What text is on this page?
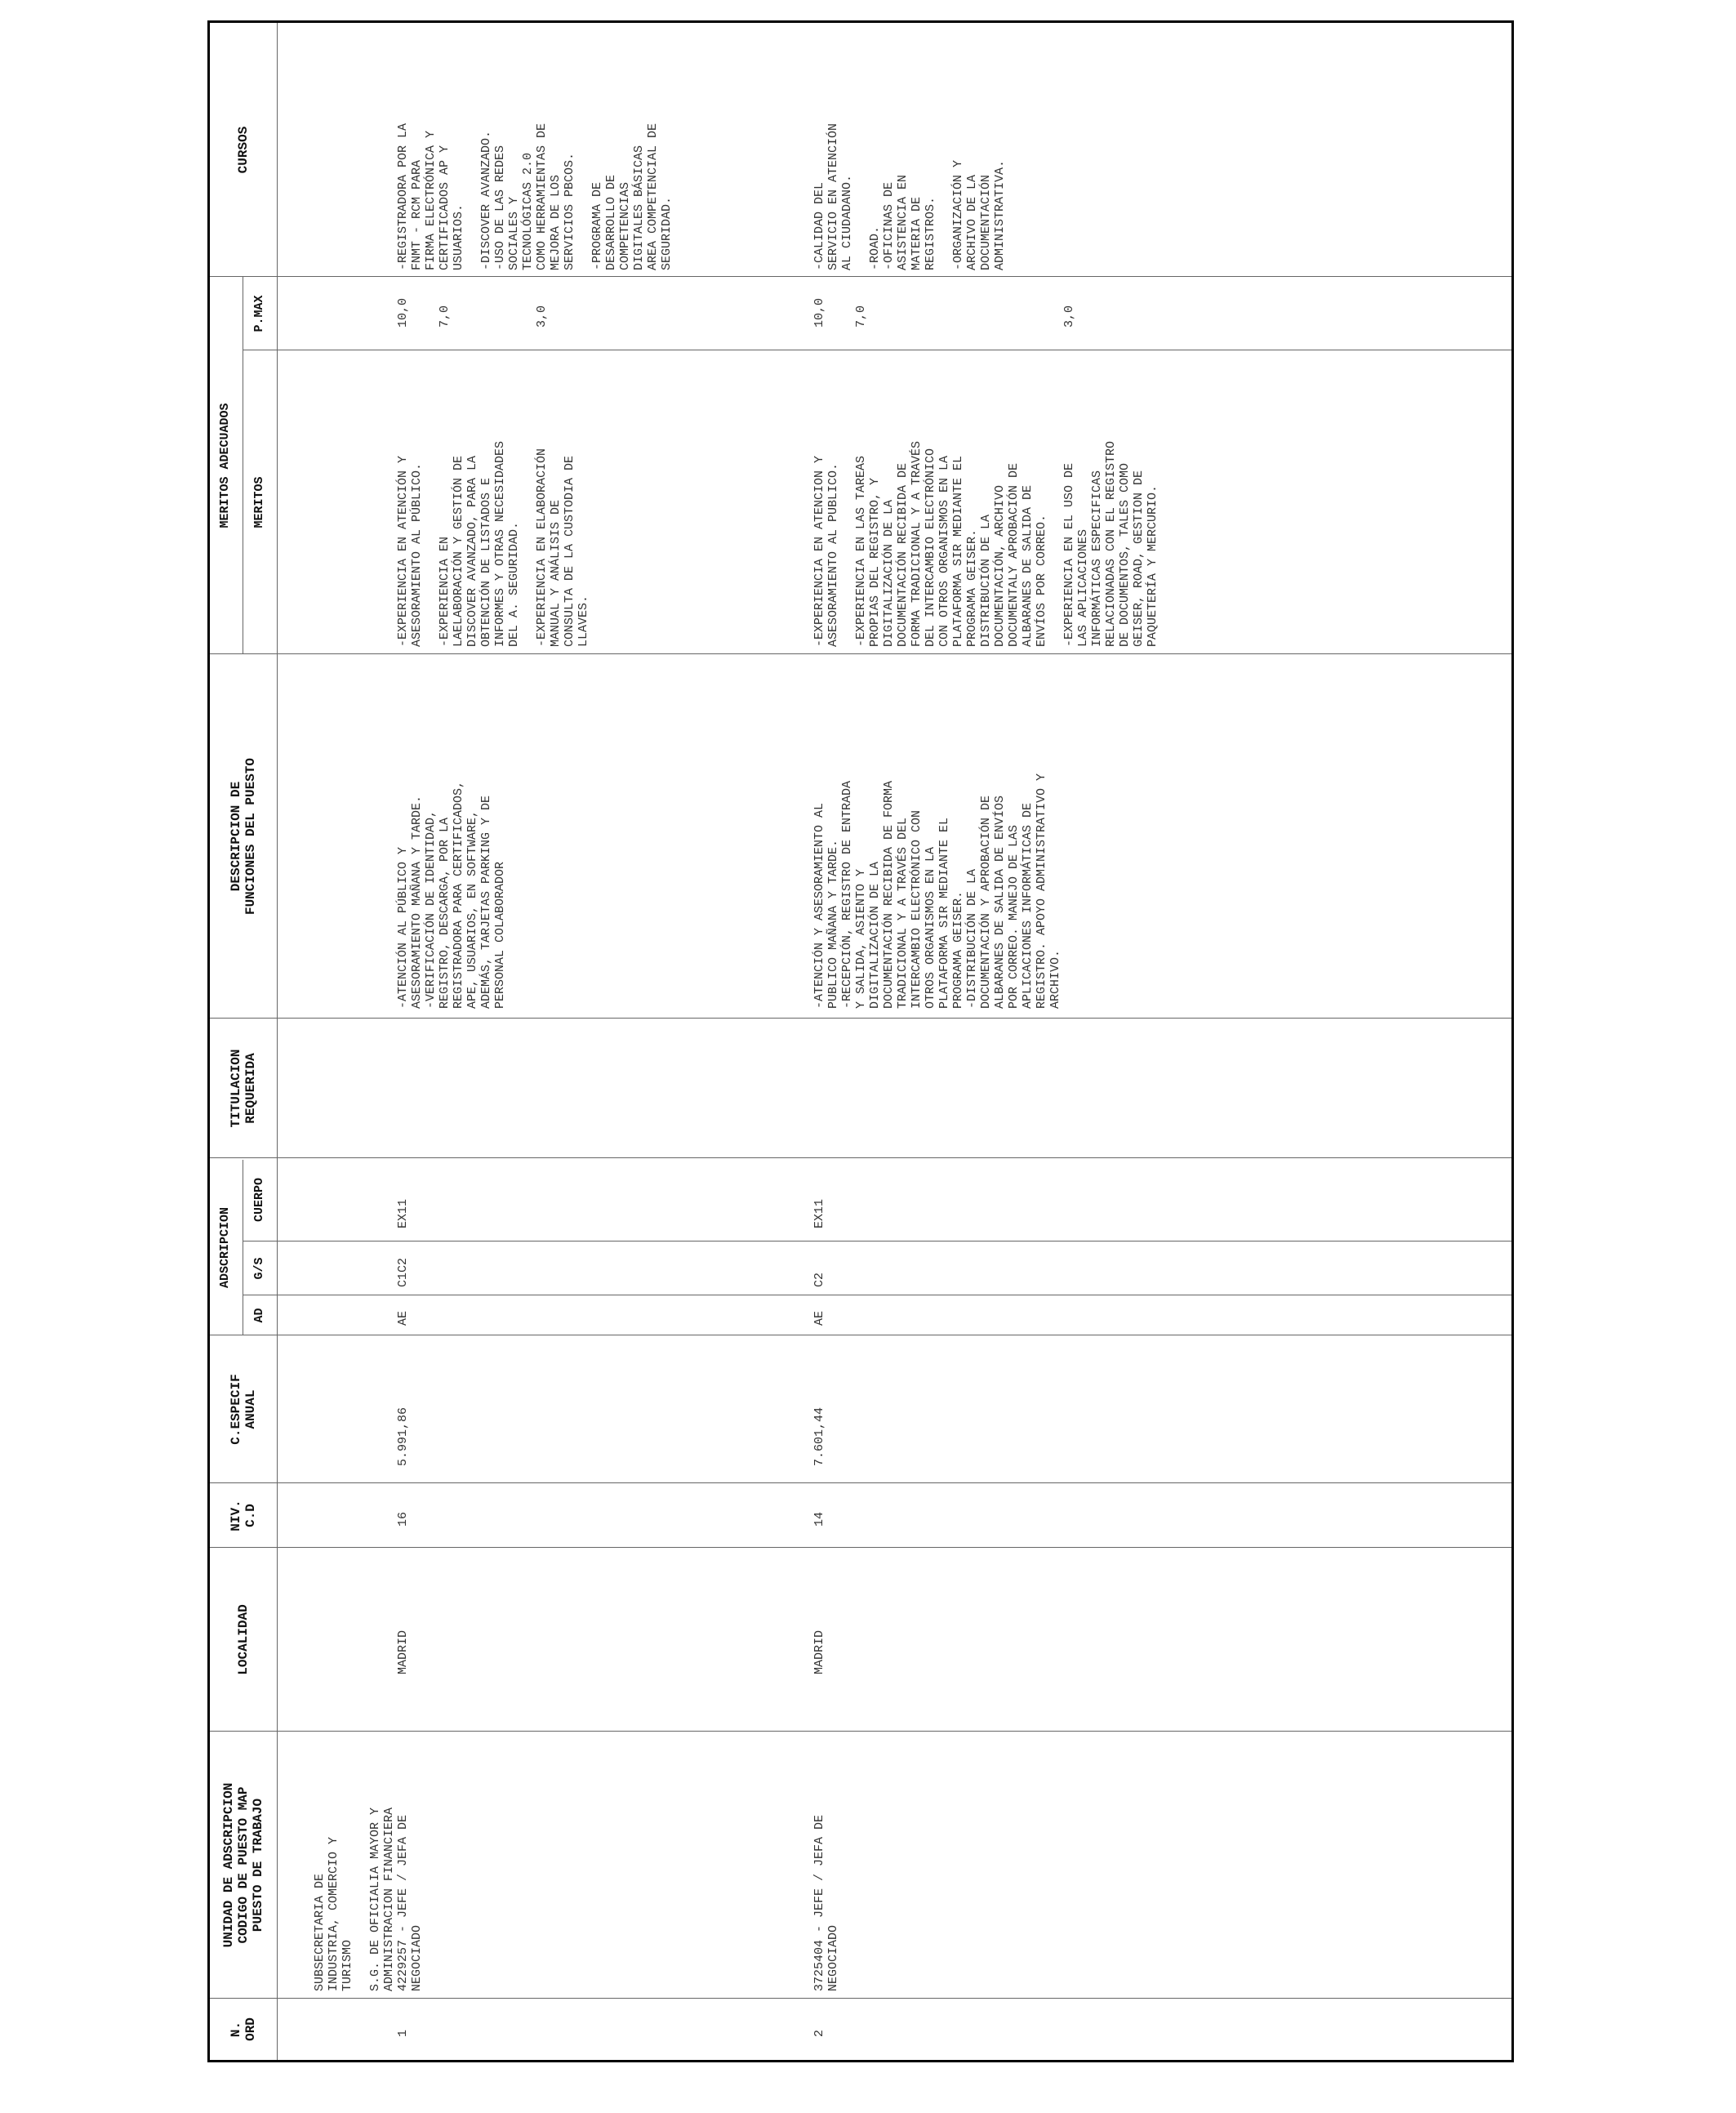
N.
ORD
UNIDAD DE ADSCRIPCION
CODIGO DE PUESTO MAP
PUESTO DE TRABAJO
LOCALIDAD
NIV.
C.D
C.ESPECIF
ANUAL
ADSCRIPCION
AD
G/S
CUERPO
TITULACION
REQUERIDA
DESCRIPCION DE
FUNCIONES DEL PUESTO
MERITOS ADECUADOS MERITOS
P.MAX
CURSOS
SUBSECRETARIA DE INDUSTRIA, COMERCIO Y TURISMO S.G. DE OFICIALIA MAYOR Y ADMINISTRACION FINANCIERA
1
4229257 - JEFE / JEFA DE
NEGOCIADO
MADRID
16
5.991,86
AE
C1C2
EX11
-ATENCIÓN AL PÚBLICO Y
ASESORAMIENTO MAÑANA Y TARDE.
-VERIFICACIÓN DE IDENTIDAD,
REGISTRO, DESCARGA, POR LA
REGISTRADORA PARA CERTIFICADOS,
APE, USUARIOS, EN SOFTWARE,
ADEMÁS, TARJETAS PARKING Y DE
PERSONAL COLABORADOR
-EXPERIENCIA EN ATENCIÓN Y
ASESORAMIENTO AL PÚBLICO.
10,0
-EXPERIENCIA EN
LAELABORACIÓN Y GESTIÓN DE
DISCOVER AVANZADO, PARA LA
OBTENCIÓN DE LISTADOS E
INFORMES Y OTRAS NECESIDADES
DEL A. SEGURIDAD.
7,0
-EXPERIENCIA EN ELABORACIÓN
MANUAL Y ANÁLISIS DE
CONSULTA DE LA CUSTODIA DE
LLAVES.
3,0
-REGISTRADORA POR LA
FNMT - RCM PARA
FIRMA ELECTRÓNICA Y
CERTIFICADOS AP Y
USUARIOS. -DISCOVER AVANZADO.
-USO DE LAS REDES
SOCIALES Y
TECNOLÓGICAS 2.0
COMO HERRAMIENTAS DE
MEJORA DE LOS
SERVICIOS PBCOS.
-PROGRAMA DE
DESARROLLO DE
COMPETENCIAS
DIGITALES BÁSICAS
AREA COMPETENCIAL DE
SEGURIDAD.
2
3725404 - JEFE / JEFA DE
NEGOCIADO
MADRID
14
7.601,44
AE
C2
EX11
-ATENCIÓN Y ASESORAMIENTO AL
PUBLICO MAÑANA Y TARDE.
-RECEPCIÓN, REGISTRO DE ENTRADA
Y SALIDA, ASIENTO Y
DIGITALIZACIÓN DE LA
DOCUMENTACIÓN RECIBIDA DE FORMA
TRADICIONAL Y A TRAVÉS DEL
INTERCAMBIO ELECTRÓNICO CON
OTROS ORGANISMOS EN LA
PLATAFORMA SIR MEDIANTE EL
PROGRAMA GEISER.
-DISTRIBUCIÓN DE LA
DOCUMENTACIÓN Y APROBACIÓN DE
ALBARANES DE SALIDA DE ENVÍOS
POR CORREO. MANEJO DE LAS
APLICACIONES INFORMÁTICAS DE
REGISTRO. APOYO ADMINISTRATIVO Y
ARCHIVO.
-EXPERIENCIA EN ATENCION Y
ASESORAMIENTO AL PUBLICO.
10,0
-EXPERIENCIA EN LAS TAREAS
PROPIAS DEL REGISTRO, Y
DIGITALIZACIÓN DE LA
DOCUMENTACIÓN RECIBIDA DE
FORMA TRADICIONAL Y A TRAVÉS
DEL INTERCAMBIO ELECTRÓNICO
CON OTROS ORGANISMOS EN LA
PLATAFORMA SIR MEDIANTE EL
PROGRAMA GEISER.
DISTRIBUCIÓN DE LA
DOCUMENTACIÓN, ARCHIVO
DOCUMENTALY APROBACIÓN DE
ALBARANES DE SALIDA DE
ENVÍOS POR CORREO.
7,0
-EXPERIENCIA EN EL USO DE
LAS APLICACIONES
INFORMÁTICAS ESPECIFICAS
RELACIONADAS CON EL REGISTRO
DE DOCUMENTOS, TALES COMO
GEISER, ROAD, GESTION DE
PAQUETERÍA Y MERCURIO.
3,0
-CALIDAD DEL
SERVICIO EN ATENCIÓN
AL CIUDADANO. -ROAD.
-OFICINAS DE
ASISTENCIA EN
MATERIA DE
REGISTROS. -ORGANIZACIÓN Y
ARCHIVO DE LA
DOCUMENTACIÓN
ADMINISTRATIVA.
